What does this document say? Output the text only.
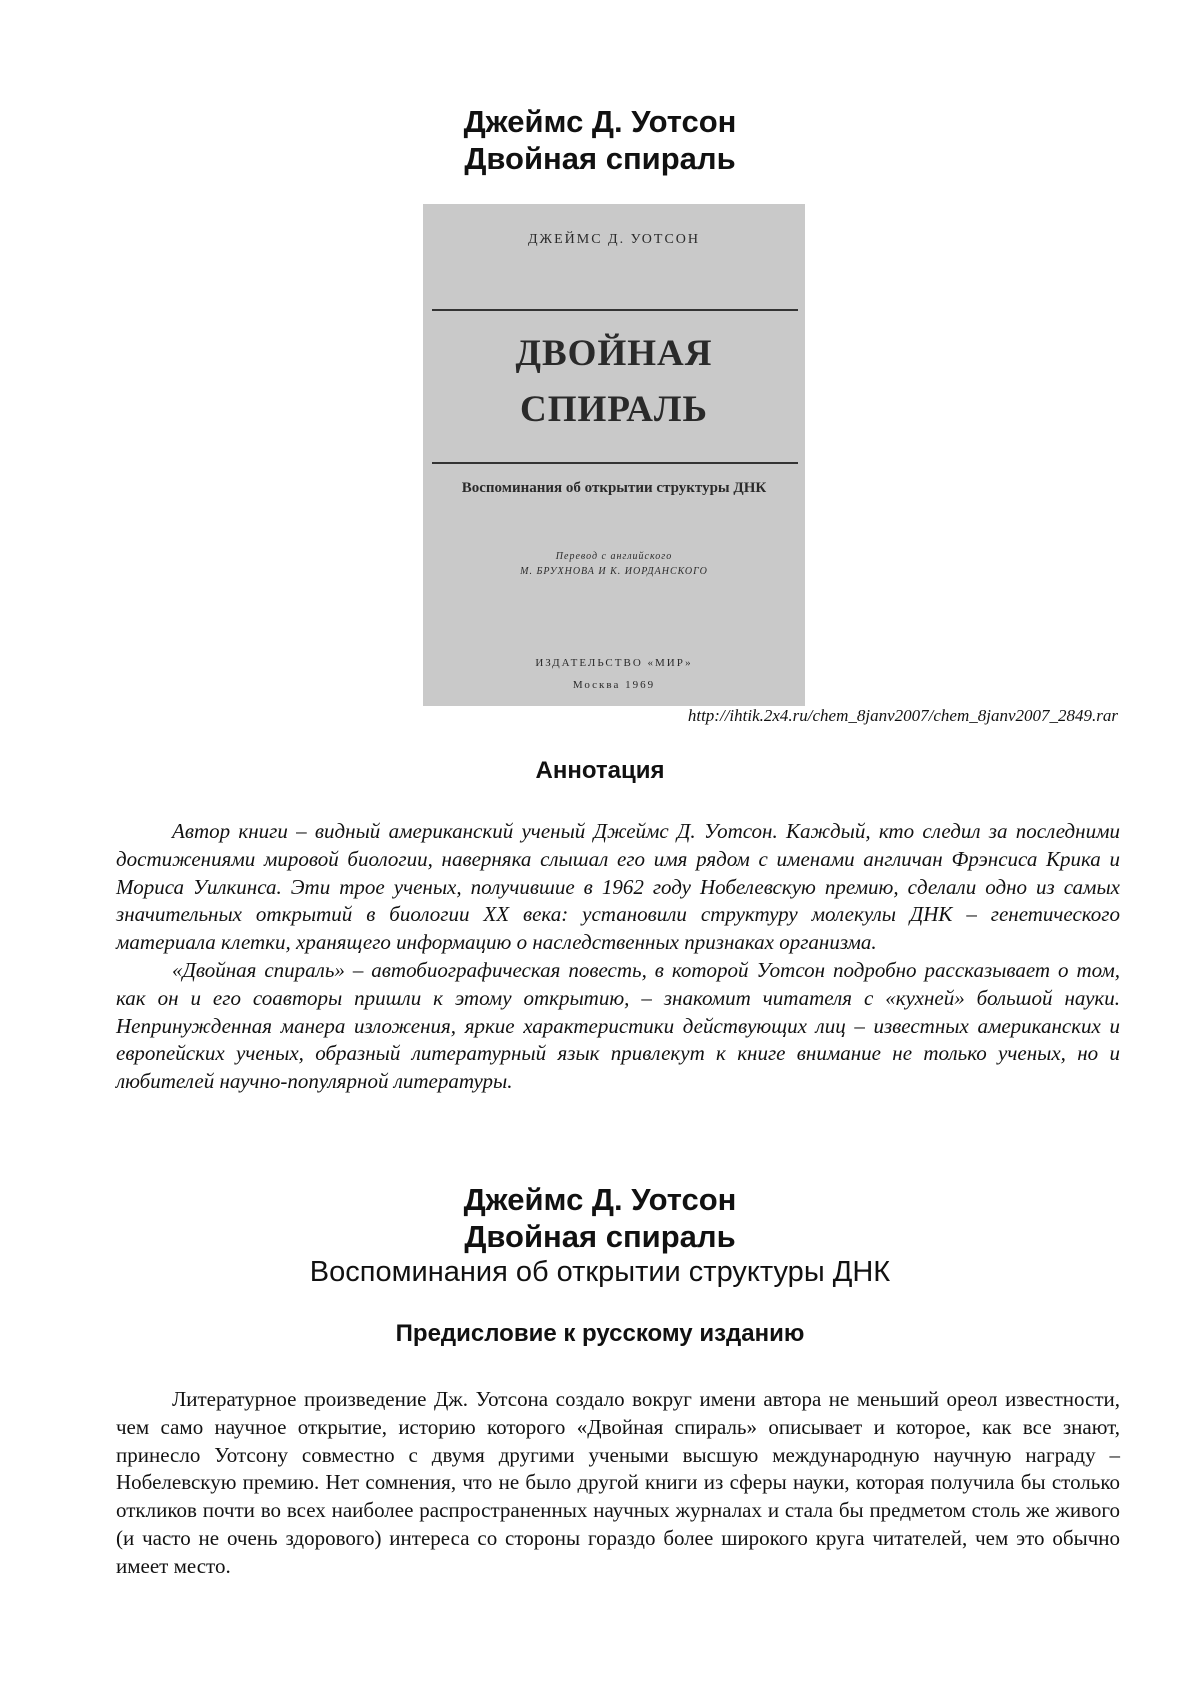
Джеймс Д. Уотсон
Двойная спираль
ДЖЕЙМС Д. УОТСОН
ДВОЙНАЯ
СПИРАЛЬ
Воспоминания об открытии структуры ДНК
Перевод с английского
М. БРУХНОВА И К. ИОРДАНСКОГО
ИЗДАТЕЛЬСТВО «МИР»
Москва 1969
http://ihtik.2x4.ru/chem_8janv2007/chem_8janv2007_2849.rar
Аннотация

Автор книги – видный американский ученый Джеймс Д. Уотсон. Каждый, кто следил за последними достижениями мировой биологии, наверняка слышал его имя рядом с именами англичан Фрэнсиса Крика и Мориса Уилкинса. Эти трое ученых, получившие в 1962 году Нобелевскую премию, сделали одно из самых значительных открытий в биологии XX века: установили структуру молекулы ДНК – генетического материала клетки, хранящего информацию о наследственных признаках организма.

«Двойная спираль» – автобиографическая повесть, в которой Уотсон подробно рассказывает о том, как он и его соавторы пришли к этому открытию, – знакомит читателя с «кухней» большой науки. Непринужденная манера изложения, яркие характеристики действующих лиц – известных американских и европейских ученых, образный литературный язык привлекут к книге внимание не только ученых, но и любителей научно-популярной литературы.

Джеймс Д. Уотсон
Двойная спираль
Воспоминания об открытии структуры ДНК
Предисловие к русскому изданию

Литературное произведение Дж. Уотсона создало вокруг имени автора не меньший ореол известности, чем само научное открытие, историю которого «Двойная спираль» описывает и которое, как все знают, принесло Уотсону совместно с двумя другими учеными высшую международную научную награду – Нобелевскую премию. Нет сомнения, что не было другой книги из сферы науки, которая получила бы столько откликов почти во всех наиболее распространенных научных журналах и стала бы предметом столь же живого (и часто не очень здорового) интереса со стороны гораздо более широкого круга читателей, чем это обычно имеет место.
